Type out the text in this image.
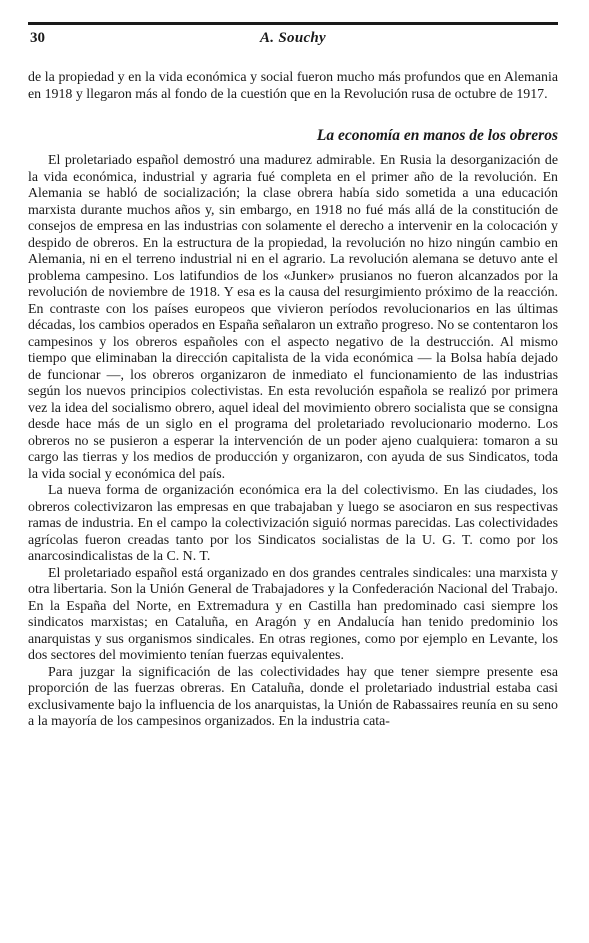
30	A. Souchy

de la propiedad y en la vida económica y social fueron mucho más profundos que en Alemania en 1918 y llegaron más al fondo de la cuestión que en la Revolución rusa de octubre de 1917.

La economía en manos de los obreros

El proletariado español demostró una madurez admirable. En Rusia la desorganización de la vida económica, industrial y agraria fué completa en el primer año de la revolución. En Alemania se habló de socialización; la clase obrera había sido sometida a una educación marxista durante muchos años y, sin embargo, en 1918 no fué más allá de la constitución de consejos de empresa en las industrias con solamente el derecho a intervenir en la colocación y despido de obreros. En la estructura de la propiedad, la revolución no hizo ningún cambio en Alemania, ni en el terreno industrial ni en el agrario. La revolución alemana se detuvo ante el problema campesino. Los latifundios de los «Junker» prusianos no fueron alcanzados por la revolución de noviembre de 1918. Y esa es la causa del resurgimiento próximo de la reacción. En contraste con los países europeos que vivieron períodos revolucionarios en las últimas décadas, los cambios operados en España señalaron un extraño progreso. No se contentaron los campesinos y los obreros españoles con el aspecto negativo de la destrucción. Al mismo tiempo que eliminaban la dirección capitalista de la vida económica — la Bolsa había dejado de funcionar —, los obreros organizaron de inmediato el funcionamiento de las industrias según los nuevos principios colectivistas. En esta revolución española se realizó por primera vez la idea del socialismo obrero, aquel ideal del movimiento obrero socialista que se consigna desde hace más de un siglo en el programa del proletariado revolucionario moderno. Los obreros no se pusieron a esperar la intervención de un poder ajeno cualquiera: tomaron a su cargo las tierras y los medios de producción y organizaron, con ayuda de sus Sindicatos, toda la vida social y económica del país.

La nueva forma de organización económica era la del colectivismo. En las ciudades, los obreros colectivizaron las empresas en que trabajaban y luego se asociaron en sus respectivas ramas de industria. En el campo la colectivización siguió normas parecidas. Las colectividades agrícolas fueron creadas tanto por los Sindicatos socialistas de la U. G. T. como por los anarcosindicalistas de la C. N. T.

El proletariado español está organizado en dos grandes centrales sindicales: una marxista y otra libertaria. Son la Unión General de Trabajadores y la Confederación Nacional del Trabajo. En la España del Norte, en Extremadura y en Castilla han predominado casi siempre los sindicatos marxistas; en Cataluña, en Aragón y en Andalucía han tenido predominio los anarquistas y sus organismos sindicales. En otras regiones, como por ejemplo en Levante, los dos sectores del movimiento tenían fuerzas equivalentes.

Para juzgar la significación de las colectividades hay que tener siempre presente esa proporción de las fuerzas obreras. En Cataluña, donde el proletariado industrial estaba casi exclusivamente bajo la influencia de los anarquistas, la Unión de Rabassaires reunía en su seno a la mayoría de los campesinos organizados. En la industria cata-
